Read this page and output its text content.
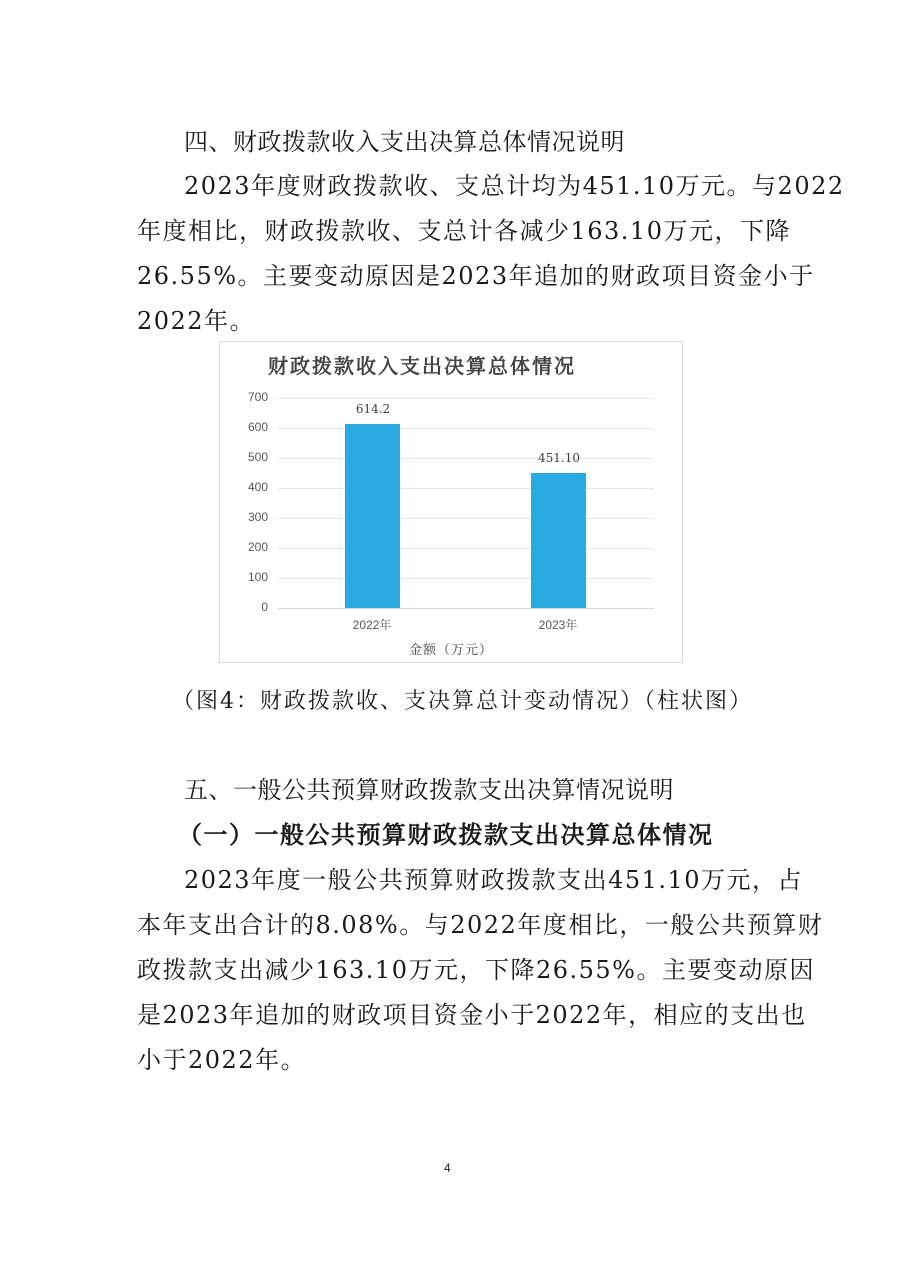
四、财政拨款收入支出决算总体情况说明
2023年度财政拨款收、支总计均为451.10万元。与2022
年度相比，财政拨款收、支总计各减少163.10万元，下降
26.55%。主要变动原因是2023年追加的财政项目资金小于
2022年。
财政拨款收入支出决算总体情况
700
600
500
400
300
200
100
0
614.2
451.10
2022年	2023年
金额（万元）
（图4：财政拨款收、支决算总计变动情况）（柱状图）
五、一般公共预算财政拨款支出决算情况说明
（一）一般公共预算财政拨款支出决算总体情况
2023年度一般公共预算财政拨款支出451.10万元，占
本年支出合计的8.08%。与2022年度相比，一般公共预算财
政拨款支出减少163.10万元，下降26.55%。主要变动原因
是2023年追加的财政项目资金小于2022年，相应的支出也
小于2022年。
4
